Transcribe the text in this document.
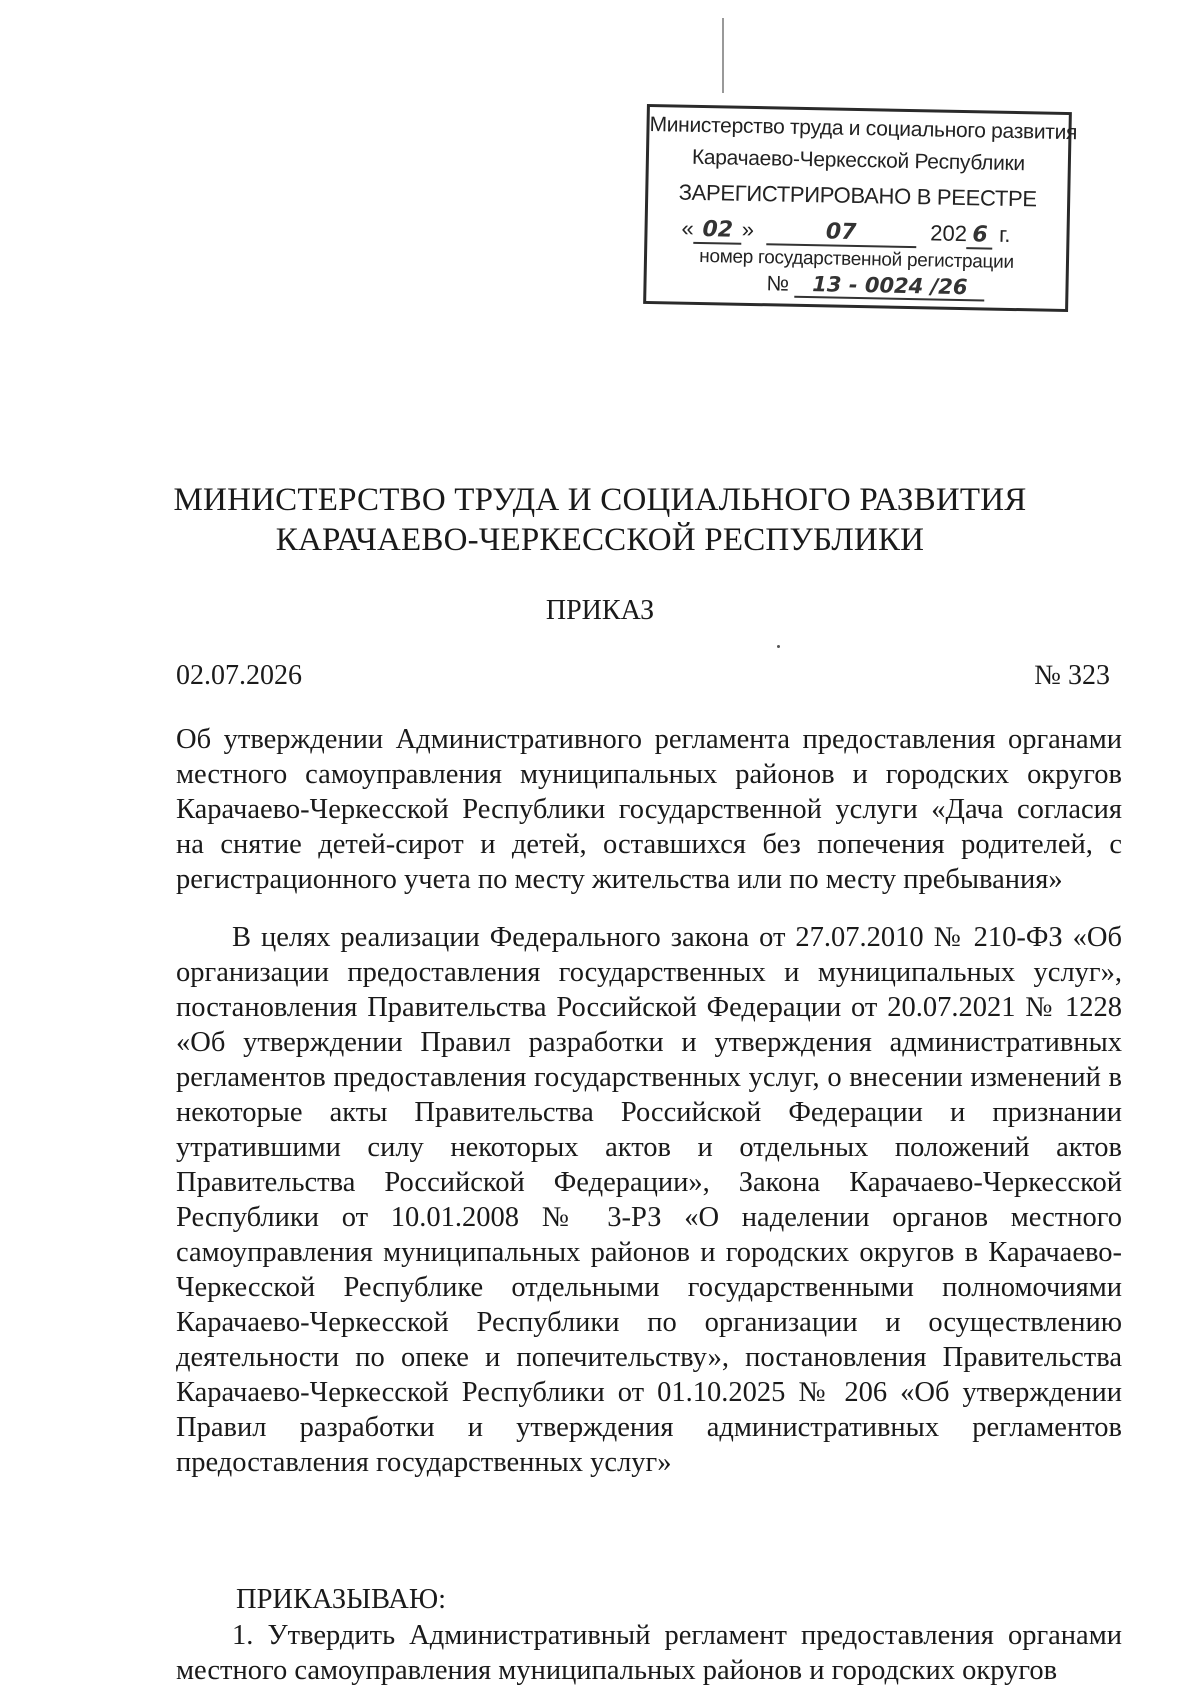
Министерство труда и социального развития
Карачаево-Черкесской Республики
ЗАРЕГИСТРИРОВАНО В РЕЕСТРЕ
« 02 »	07	202 6 г.
номер государственной регистрации
№ 13 - 0024 /26
МИНИСТЕРСТВО ТРУДА И СОЦИАЛЬНОГО РАЗВИТИЯ
КАРАЧАЕВО-ЧЕРКЕССКОЙ РЕСПУБЛИКИ
ПРИКАЗ
02.07.2026	№ 323

Об утверждении Административного регламента предоставления органами местного самоуправления муниципальных районов и городских округов Карачаево-Черкесской Республики государственной услуги «Дача согласия на снятие детей-сирот и детей, оставшихся без попечения родителей, с регистрационного учета по месту жительства или по месту пребывания»

В целях реализации Федерального закона от 27.07.2010 № 210-ФЗ «Об организации предоставления государственных и муниципальных услуг», постановления Правительства Российской Федерации от 20.07.2021 № 1228 «Об утверждении Правил разработки и утверждения административных регламентов предоставления государственных услуг, о внесении изменений в некоторые акты Правительства Российской Федерации и признании утратившими силу некоторых актов и отдельных положений актов Правительства Российской Федерации», Закона Карачаево-Черкесской Республики от 10.01.2008 № 3-РЗ «О наделении органов местного самоуправления муниципальных районов и городских округов в Карачаево-Черкесской Республике отдельными государственными полномочиями Карачаево-Черкесской Республики по организации и осуществлению деятельности по опеке и попечительству», постановления Правительства Карачаево-Черкесской Республики от 01.10.2025 № 206 «Об утверждении Правил разработки и утверждения административных регламентов предоставления государственных услуг»

ПРИКАЗЫВАЮ:

1. Утвердить Административный регламент предоставления органами местного самоуправления муниципальных районов и городских округов
